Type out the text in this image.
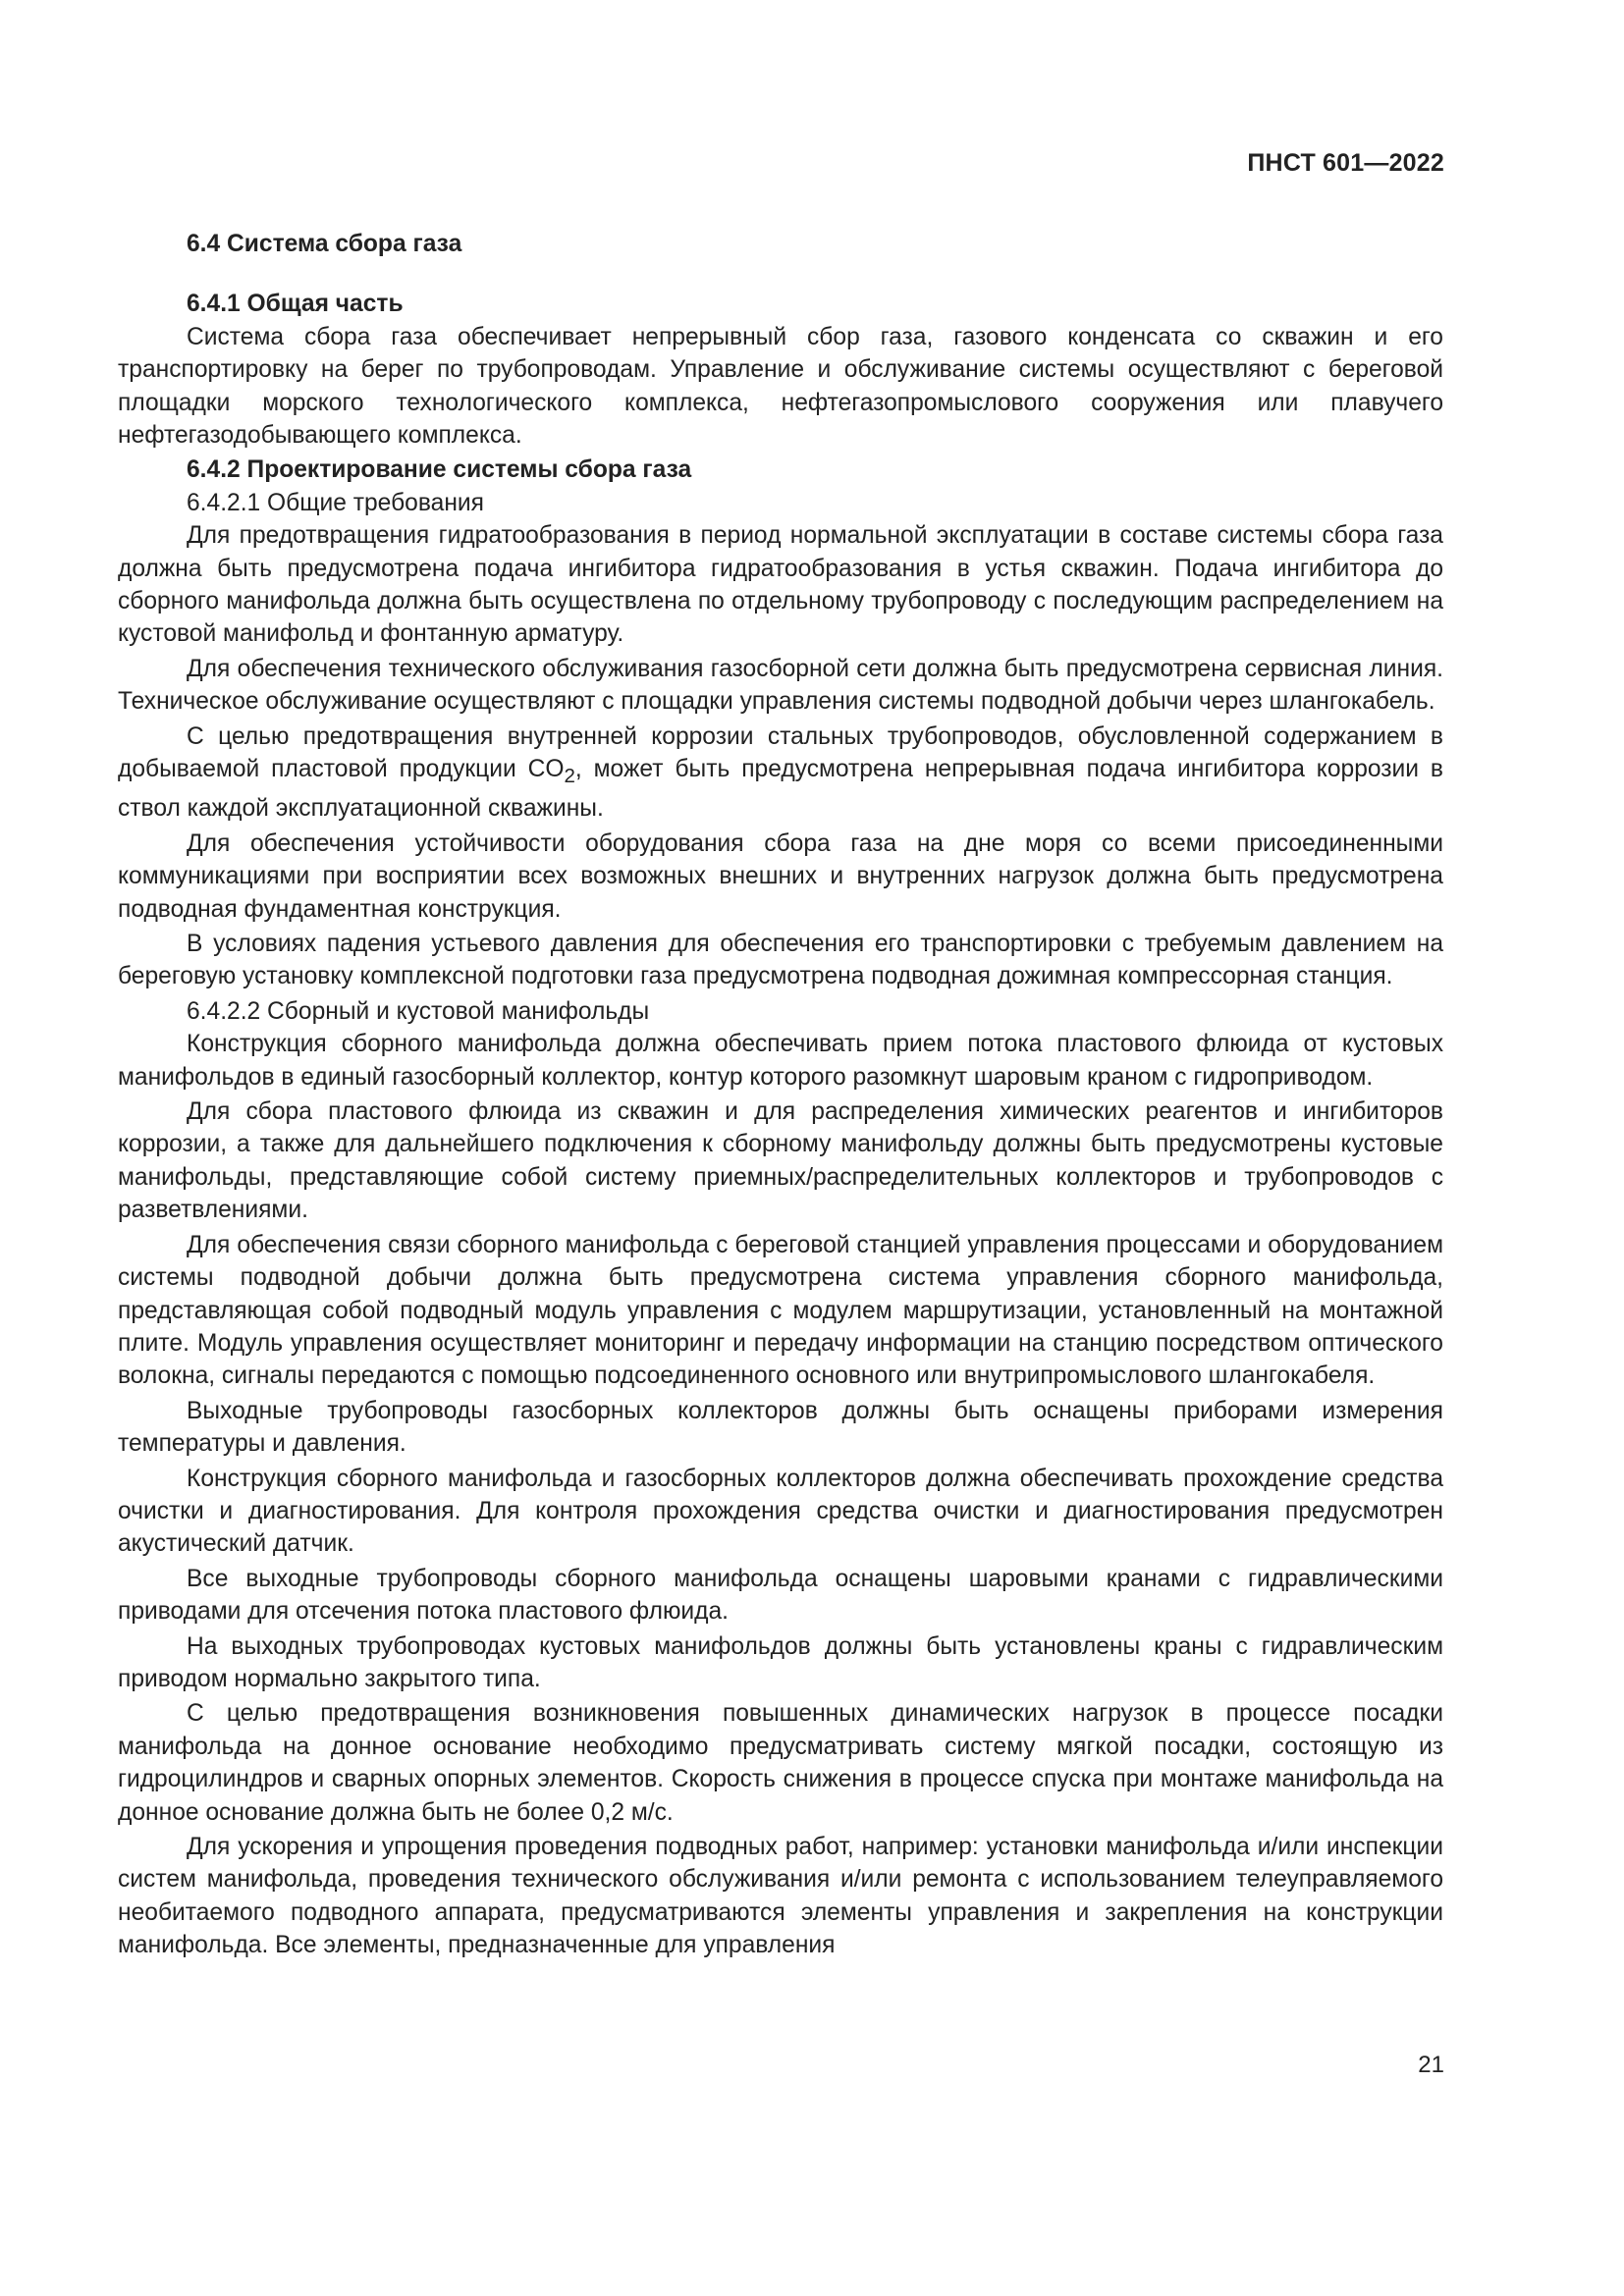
ПНСТ 601—2022

6.4 Система сбора газа

6.4.1 Общая часть

Система сбора газа обеспечивает непрерывный сбор газа, газового конденсата со скважин и его транспортировку на берег по трубопроводам. Управление и обслуживание системы осуществляют с береговой площадки морского технологического комплекса, нефтегазопромыслового сооружения или плавучего нефтегазодобывающего комплекса.

6.4.2 Проектирование системы сбора газа

6.4.2.1 Общие требования

Для предотвращения гидратообразования в период нормальной эксплуатации в составе системы сбора газа должна быть предусмотрена подача ингибитора гидратообразования в устья скважин. Подача ингибитора до сборного манифольда должна быть осуществлена по отдельному трубопроводу с последующим распределением на кустовой манифольд и фонтанную арматуру.

Для обеспечения технического обслуживания газосборной сети должна быть предусмотрена сервисная линия. Техническое обслуживание осуществляют с площадки управления системы подводной добычи через шлангокабель.

С целью предотвращения внутренней коррозии стальных трубопроводов, обусловленной содержанием в добываемой пластовой продукции $CO_2$, может быть предусмотрена непрерывная подача ингибитора коррозии в ствол каждой эксплуатационной скважины.

Для обеспечения устойчивости оборудования сбора газа на дне моря со всеми присоединенными коммуникациями при восприятии всех возможных внешних и внутренних нагрузок должна быть предусмотрена подводная фундаментная конструкция.

В условиях падения устьевого давления для обеспечения его транспортировки с требуемым давлением на береговую установку комплексной подготовки газа предусмотрена подводная дожимная компрессорная станция.

6.4.2.2 Сборный и кустовой манифольды

Конструкция сборного манифольда должна обеспечивать прием потока пластового флюида от кустовых манифольдов в единый газосборный коллектор, контур которого разомкнут шаровым краном с гидроприводом.

Для сбора пластового флюида из скважин и для распределения химических реагентов и ингибиторов коррозии, а также для дальнейшего подключения к сборному манифольду должны быть предусмотрены кустовые манифольды, представляющие собой систему приемных/распределительных коллекторов и трубопроводов с разветвлениями.

Для обеспечения связи сборного манифольда с береговой станцией управления процессами и оборудованием системы подводной добычи должна быть предусмотрена система управления сборного манифольда, представляющая собой подводный модуль управления с модулем маршрутизации, установленный на монтажной плите. Модуль управления осуществляет мониторинг и передачу информации на станцию посредством оптического волокна, сигналы передаются с помощью подсоединенного основного или внутрипромыслового шлангокабеля.

Выходные трубопроводы газосборных коллекторов должны быть оснащены приборами измерения температуры и давления.

Конструкция сборного манифольда и газосборных коллекторов должна обеспечивать прохождение средства очистки и диагностирования. Для контроля прохождения средства очистки и диагностирования предусмотрен акустический датчик.

Все выходные трубопроводы сборного манифольда оснащены шаровыми кранами с гидравлическими приводами для отсечения потока пластового флюида.

На выходных трубопроводах кустовых манифольдов должны быть установлены краны с гидравлическим приводом нормально закрытого типа.

С целью предотвращения возникновения повышенных динамических нагрузок в процессе посадки манифольда на донное основание необходимо предусматривать систему мягкой посадки, состоящую из гидроцилиндров и сварных опорных элементов. Скорость снижения в процессе спуска при монтаже манифольда на донное основание должна быть не более 0,2 м/с.

Для ускорения и упрощения проведения подводных работ, например: установки манифольда и/или инспекции систем манифольда, проведения технического обслуживания и/или ремонта с использованием телеуправляемого необитаемого подводного аппарата, предусматриваются элементы управления и закрепления на конструкции манифольда. Все элементы, предназначенные для управления

21
